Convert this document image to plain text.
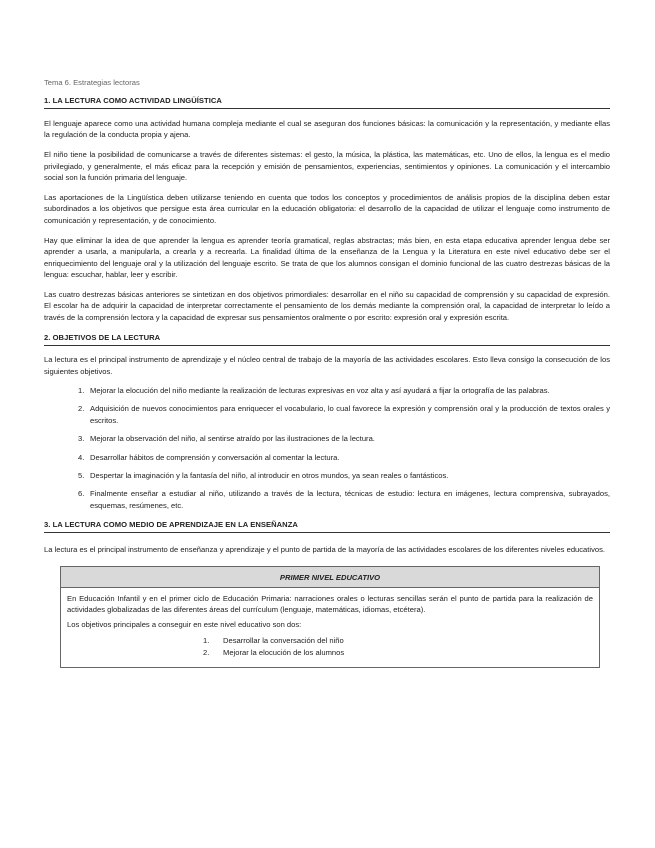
Tema 6. Estrategias lectoras
1. LA LECTURA COMO ACTIVIDAD LINGÜÍSTICA

El lenguaje aparece como una actividad humana compleja mediante el cual se aseguran dos funciones básicas: la comunicación y la representación, y mediante ellas la regulación de la conducta propia y ajena.

El niño tiene la posibilidad de comunicarse a través de diferentes sistemas: el gesto, la música, la plástica, las matemáticas, etc. Uno de ellos, la lengua es el medio privilegiado, y generalmente, el más eficaz para la recepción y emisión de pensamientos, experiencias, sentimientos y opiniones. La comunicación y el intercambio social son la función primaria del lenguaje.

Las aportaciones de la Lingüística deben utilizarse teniendo en cuenta que todos los conceptos y procedimientos de análisis propios de la disciplina deben estar subordinados a los objetivos que persigue esta área curricular en la educación obligatoria: el desarrollo de la capacidad de utilizar el lenguaje como instrumento de comunicación y representación, y de conocimiento.

Hay que eliminar la idea de que aprender la lengua es aprender teoría gramatical, reglas abstractas; más bien, en esta etapa educativa aprender lengua debe ser aprender a usarla, a manipularla, a crearla y a recrearla. La finalidad última de la enseñanza de la Lengua y la Literatura en este nivel educativo debe ser el enriquecimiento del lenguaje oral y la utilización del lenguaje escrito. Se trata de que los alumnos consigan el dominio funcional de las cuatro destrezas básicas de la lengua: escuchar, hablar, leer y escribir.

Las cuatro destrezas básicas anteriores se sintetizan en dos objetivos primordiales: desarrollar en el niño su capacidad de comprensión y su capacidad de expresión. El escolar ha de adquirir la capacidad de interpretar correctamente el pensamiento de los demás mediante la comprensión oral, la capacidad de interpretar lo leído a través de la comprensión lectora y la capacidad de expresar sus pensamientos oralmente o por escrito: expresión oral y expresión escrita.

2. OBJETIVOS DE LA LECTURA

La lectura es el principal instrumento de aprendizaje y el núcleo central de trabajo de la mayoría de las actividades escolares. Esto lleva consigo la consecución de los siguientes objetivos.

1. Mejorar la elocución del niño mediante la realización de lecturas expresivas en voz alta y así ayudará a fijar la ortografía de las palabras.
2. Adquisición de nuevos conocimientos para enriquecer el vocabulario, lo cual favorece la expresión y comprensión oral y la producción de textos orales y escritos.
3. Mejorar la observación del niño, al sentirse atraído por las ilustraciones de la lectura.
4. Desarrollar hábitos de comprensión y conversación al comentar la lectura.
5. Despertar la imaginación y la fantasía del niño, al introducir en otros mundos, ya sean reales o fantásticos.
6. Finalmente enseñar a estudiar al niño, utilizando a través de la lectura, técnicas de estudio: lectura en imágenes, lectura comprensiva, subrayados, esquemas, resúmenes, etc.
3. LA LECTURA COMO MEDIO DE APRENDIZAJE EN LA ENSEÑANZA

La lectura es el principal instrumento de enseñanza y aprendizaje y el punto de partida de la mayoría de las actividades escolares de los diferentes niveles educativos.

PRIMER NIVEL EDUCATIVO

En Educación Infantil y en el primer ciclo de Educación Primaria: narraciones orales o lecturas sencillas serán el punto de partida para la realización de actividades globalizadas de las diferentes áreas del currículum (lenguaje, matemáticas, idiomas, etcétera).

Los objetivos principales a conseguir en este nivel educativo son dos:

1.	Desarrollar la conversación del niño
2.	Mejorar la elocución de los alumnos
